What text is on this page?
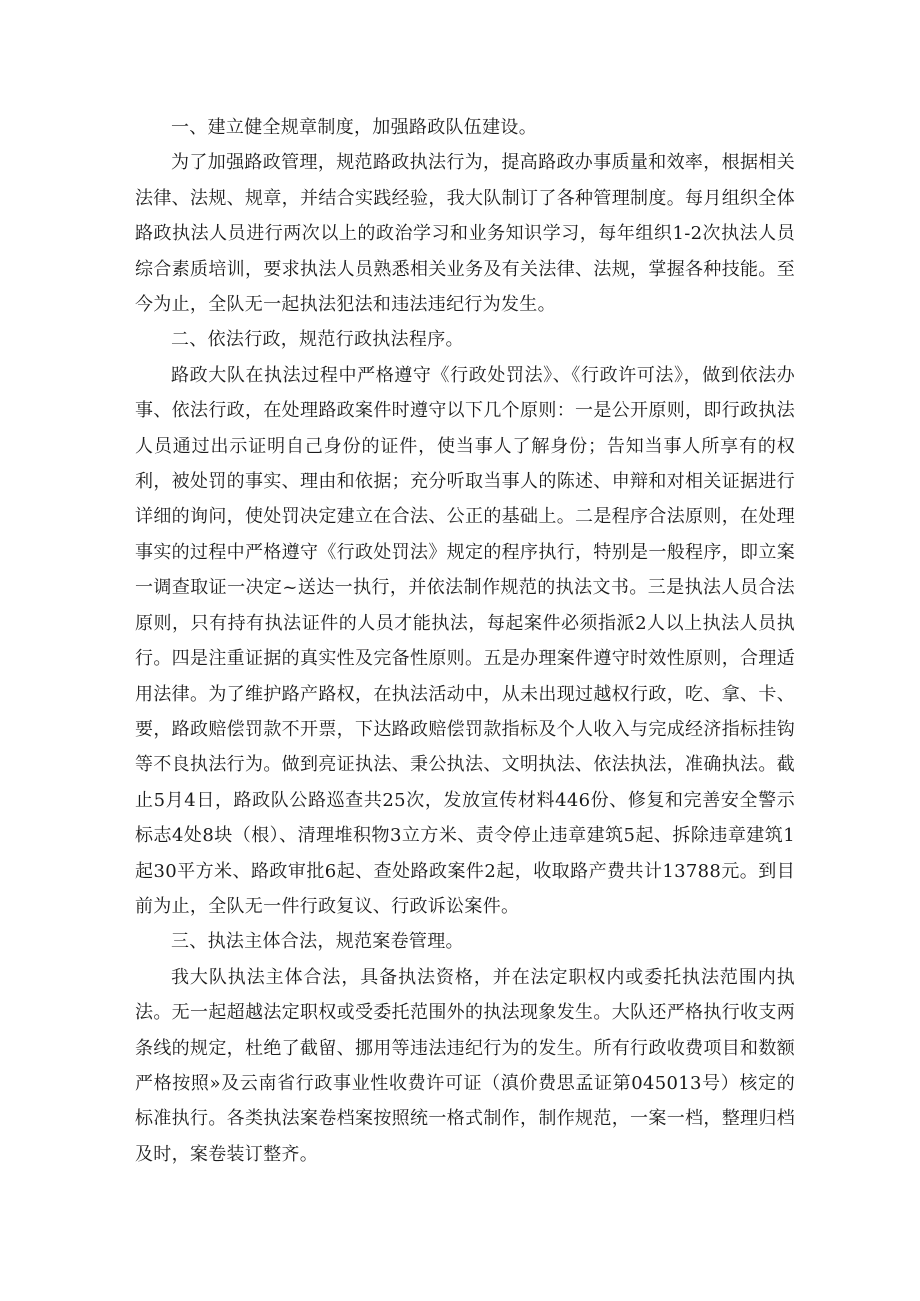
一、建立健全规章制度，加强路政队伍建设。

为了加强路政管理，规范路政执法行为，提高路政办事质量和效率，根据相关法律、法规、规章，并结合实践经验，我大队制订了各种管理制度。每月组织全体路政执法人员进行两次以上的政治学习和业务知识学习，每年组织1-2次执法人员综合素质培训，要求执法人员熟悉相关业务及有关法律、法规，掌握各种技能。至今为止，全队无一起执法犯法和违法违纪行为发生。

二、依法行政，规范行政执法程序。

路政大队在执法过程中严格遵守《行政处罚法》、《行政许可法》，做到依法办事、依法行政，在处理路政案件时遵守以下几个原则：一是公开原则，即行政执法人员通过出示证明自己身份的证件，使当事人了解身份；告知当事人所享有的权利，被处罚的事实、理由和依据；充分听取当事人的陈述、申辩和对相关证据进行详细的询问，使处罚决定建立在合法、公正的基础上。二是程序合法原则，在处理事实的过程中严格遵守《行政处罚法》规定的程序执行，特别是一般程序，即立案一调查取证一决定~送达一执行，并依法制作规范的执法文书。三是执法人员合法原则，只有持有执法证件的人员才能执法，每起案件必须指派2人以上执法人员执行。四是注重证据的真实性及完备性原则。五是办理案件遵守时效性原则，合理适用法律。为了维护路产路权，在执法活动中，从未出现过越权行政，吃、拿、卡、要，路政赔偿罚款不开票，下达路政赔偿罚款指标及个人收入与完成经济指标挂钩等不良执法行为。做到亮证执法、秉公执法、文明执法、依法执法，准确执法。截止5月4日，路政队公路巡查共25次，发放宣传材料446份、修复和完善安全警示标志4处8块（根）、清理堆积物3立方米、责令停止违章建筑5起、拆除违章建筑1起30平方米、路政审批6起、查处路政案件2起，收取路产费共计13788元。到目前为止，全队无一件行政复议、行政诉讼案件。

三、执法主体合法，规范案卷管理。

我大队执法主体合法，具备执法资格，并在法定职权内或委托执法范围内执法。无一起超越法定职权或受委托范围外的执法现象发生。大队还严格执行收支两条线的规定，杜绝了截留、挪用等违法违纪行为的发生。所有行政收费项目和数额严格按照»及云南省行政事业性收费许可证（滇价费思孟证第045013号）核定的标准执行。各类执法案卷档案按照统一格式制作，制作规范，一案一档，整理归档及时，案卷装订整齐。
